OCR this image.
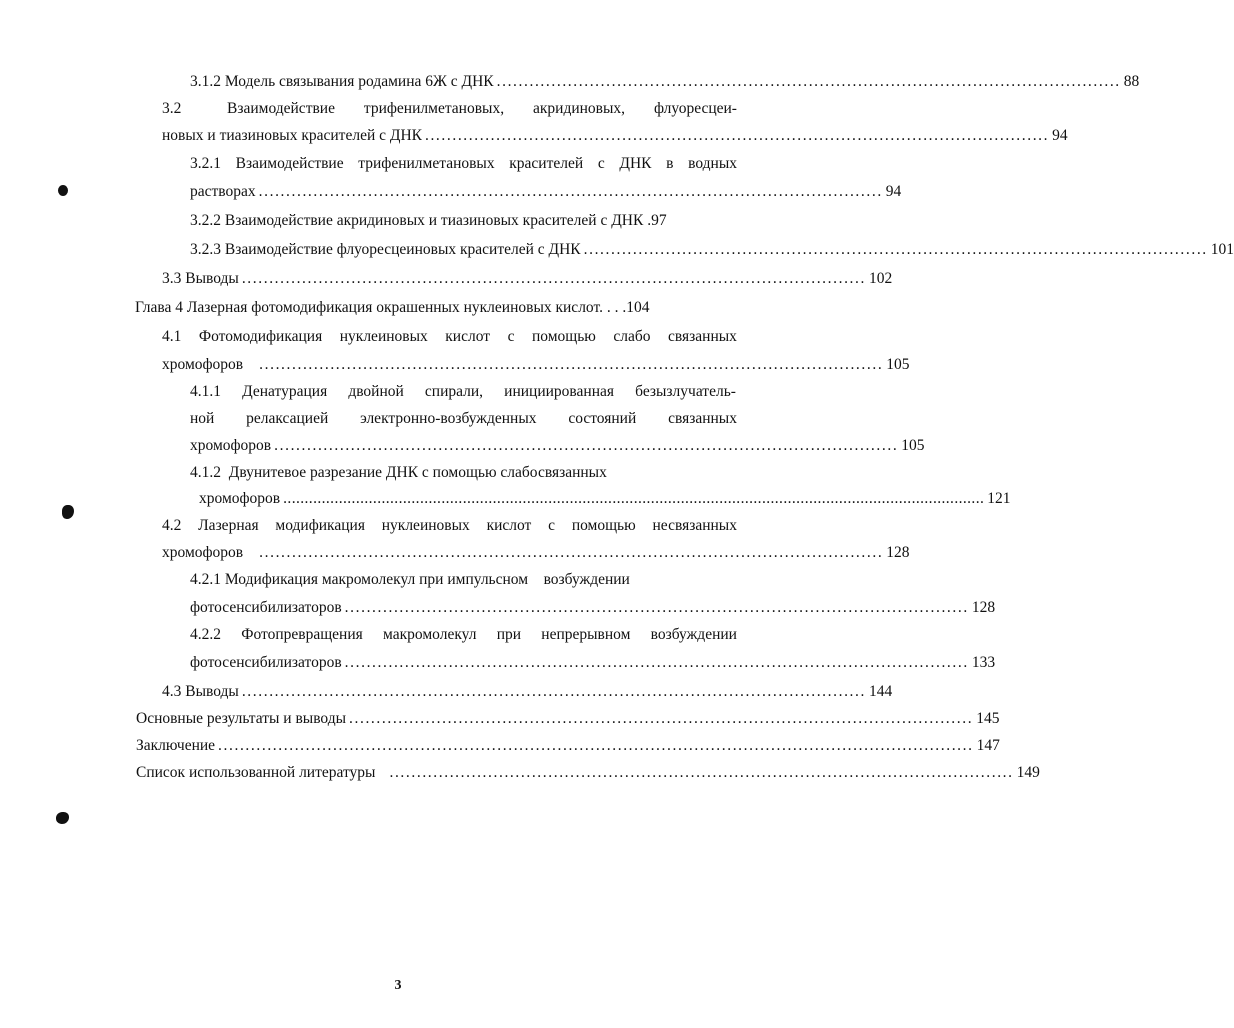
3.1.2 Модель связывания родамина 6Ж с ДНК .................................................................................................................. 88
3.2	Взаимодействие трифенилметановых, акридиновых, флуоресцеи-
новых и тиазиновых красителей с ДНК .................................................................................................................. 94
3.2.1 Взаимодействие трифенилметановых красителей с ДНК в водных
растворах .................................................................................................................. 94
3.2.2 Взаимодействие акридиновых и тиазиновых красителей с ДНК .97
3.2.3 Взаимодействие флуоресцеиновых красителей с ДНК .................................................................................................................. 101
3.3 Выводы .................................................................................................................. 102
Глава 4 Лазерная фотомодификация окрашенных нуклеиновых кислот. . . .104
4.1 Фотомодификация нуклеиновых кислот с помощью слабо связанных
хромофоров .................................................................................................................. 105
4.1.1 Денатурация двойной спирали, инициированная безызлучатель-
ной релаксацией электронно-возбужденных состояний связанных
хромофоров .................................................................................................................. 105
4.1.2  Двунитевое разрезание ДНК с помощью слабосвязанных
хромофоров .................................................................................................................................................................... 121
4.2 Лазерная модификация нуклеиновых кислот с помощью несвязанных
хромофоров .................................................................................................................. 128
4.2.1 Модификация макромолекул при импульсном    возбуждении
фотосенсибилизаторов .................................................................................................................. 128
4.2.2 Фотопревращения макромолекул при непрерывном возбуждении
фотосенсибилизаторов .................................................................................................................. 133
4.3 Выводы .................................................................................................................. 144
Основные результаты и выводы .................................................................................................................. 145
Заключение .......................................................................................................................................... 147
Список использованной литературы .................................................................................................................. 149
3
